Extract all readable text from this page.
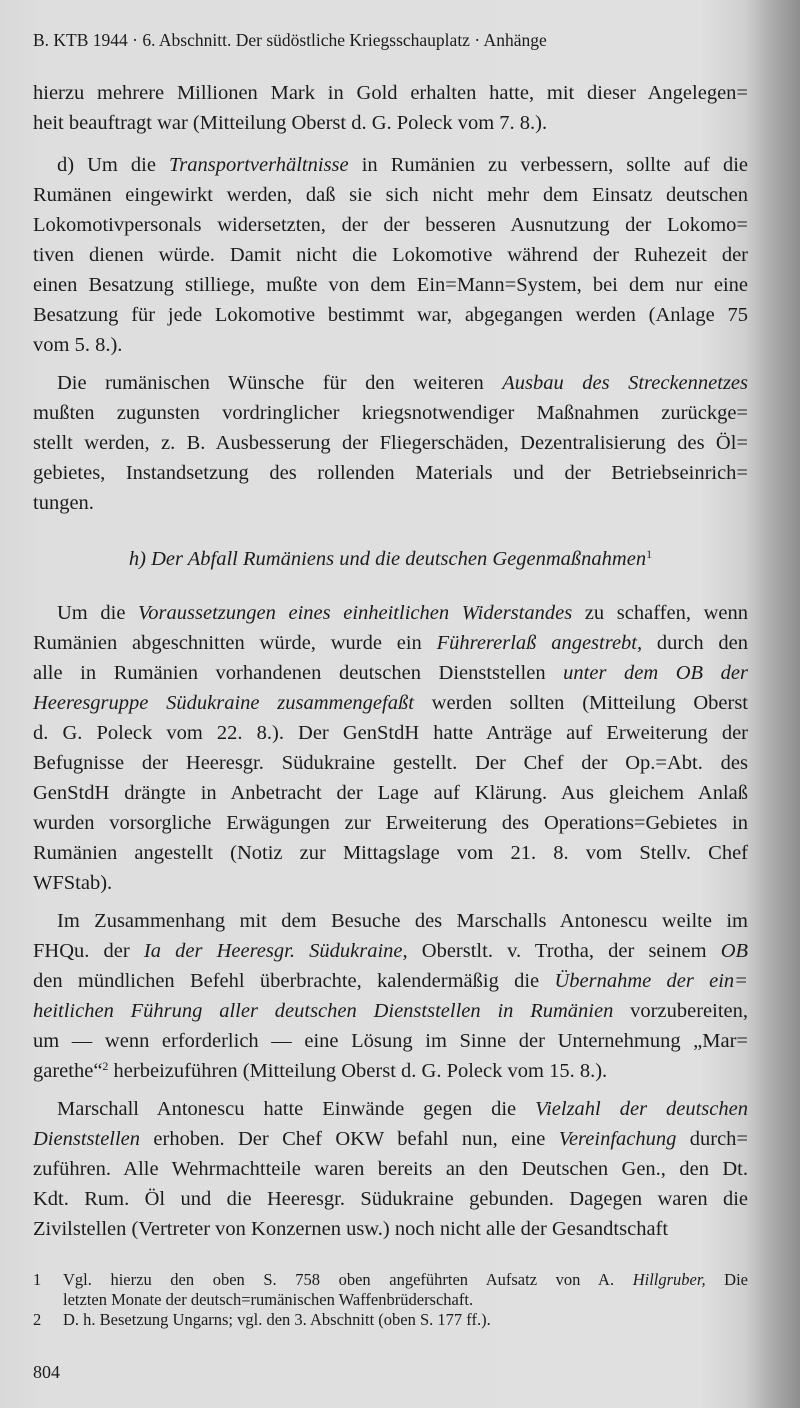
B. KTB 1944 · 6. Abschnitt. Der südöstliche Kriegsschauplatz · Anhänge
hierzu mehrere Millionen Mark in Gold erhalten hatte, mit dieser Angelegen=
heit beauftragt war (Mitteilung Oberst d. G. Poleck vom 7. 8.).
d) Um die Transportverhältnisse in Rumänien zu verbessern, sollte auf die
Rumänen eingewirkt werden, daß sie sich nicht mehr dem Einsatz deutschen
Lokomotivpersonals widersetzten, der der besseren Ausnutzung der Lokomo=
tiven dienen würde. Damit nicht die Lokomotive während der Ruhezeit der
einen Besatzung stilliege, mußte von dem Ein=Mann=System, bei dem nur eine
Besatzung für jede Lokomotive bestimmt war, abgegangen werden (Anlage 75
vom 5. 8.).
Die rumänischen Wünsche für den weiteren Ausbau des Streckennetzes
mußten zugunsten vordringlicher kriegsnotwendiger Maßnahmen zurückge=
stellt werden, z. B. Ausbesserung der Fliegerschäden, Dezentralisierung des Öl=
gebietes, Instandsetzung des rollenden Materials und der Betriebseinrich=
tungen.
h) Der Abfall Rumäniens und die deutschen Gegenmaßnahmen$^1$
Um die Voraussetzungen eines einheitlichen Widerstandes zu schaffen, wenn
Rumänien abgeschnitten würde, wurde ein Führererlaß angestrebt, durch den
alle in Rumänien vorhandenen deutschen Dienststellen unter dem OB der
Heeresgruppe Südukraine zusammengefaßt werden sollten (Mitteilung Oberst
d. G. Poleck vom 22. 8.). Der GenStdH hatte Anträge auf Erweiterung der
Befugnisse der Heeresgr. Südukraine gestellt. Der Chef der Op.=Abt. des
GenStdH drängte in Anbetracht der Lage auf Klärung. Aus gleichem Anlaß
wurden vorsorgliche Erwägungen zur Erweiterung des Operations=Gebietes in
Rumänien angestellt (Notiz zur Mittagslage vom 21. 8. vom Stellv. Chef
WFStab).
Im Zusammenhang mit dem Besuche des Marschalls Antonescu weilte im
FHQu. der Ia der Heeresgr. Südukraine, Oberstlt. v. Trotha, der seinem OB
den mündlichen Befehl überbrachte, kalendermäßig die Übernahme der ein=
heitlichen Führung aller deutschen Dienststellen in Rumänien vorzubereiten,
um — wenn erforderlich — eine Lösung im Sinne der Unternehmung „Mar=
garethe“$^2$ herbeizuführen (Mitteilung Oberst d. G. Poleck vom 15. 8.).
Marschall Antonescu hatte Einwände gegen die Vielzahl der deutschen
Dienststellen erhoben. Der Chef OKW befahl nun, eine Vereinfachung durch=
zuführen. Alle Wehrmachtteile waren bereits an den Deutschen Gen., den Dt.
Kdt. Rum. Öl und die Heeresgr. Südukraine gebunden. Dagegen waren die
Zivilstellen (Vertreter von Konzernen usw.) noch nicht alle der Gesandtschaft
1	Vgl. hierzu den oben S. 758 oben angeführten Aufsatz von A. Hillgruber, Die
letzten Monate der deutsch=rumänischen Waffenbrüderschaft.
2	D. h. Besetzung Ungarns; vgl. den 3. Abschnitt (oben S. 177 ff.).
804
